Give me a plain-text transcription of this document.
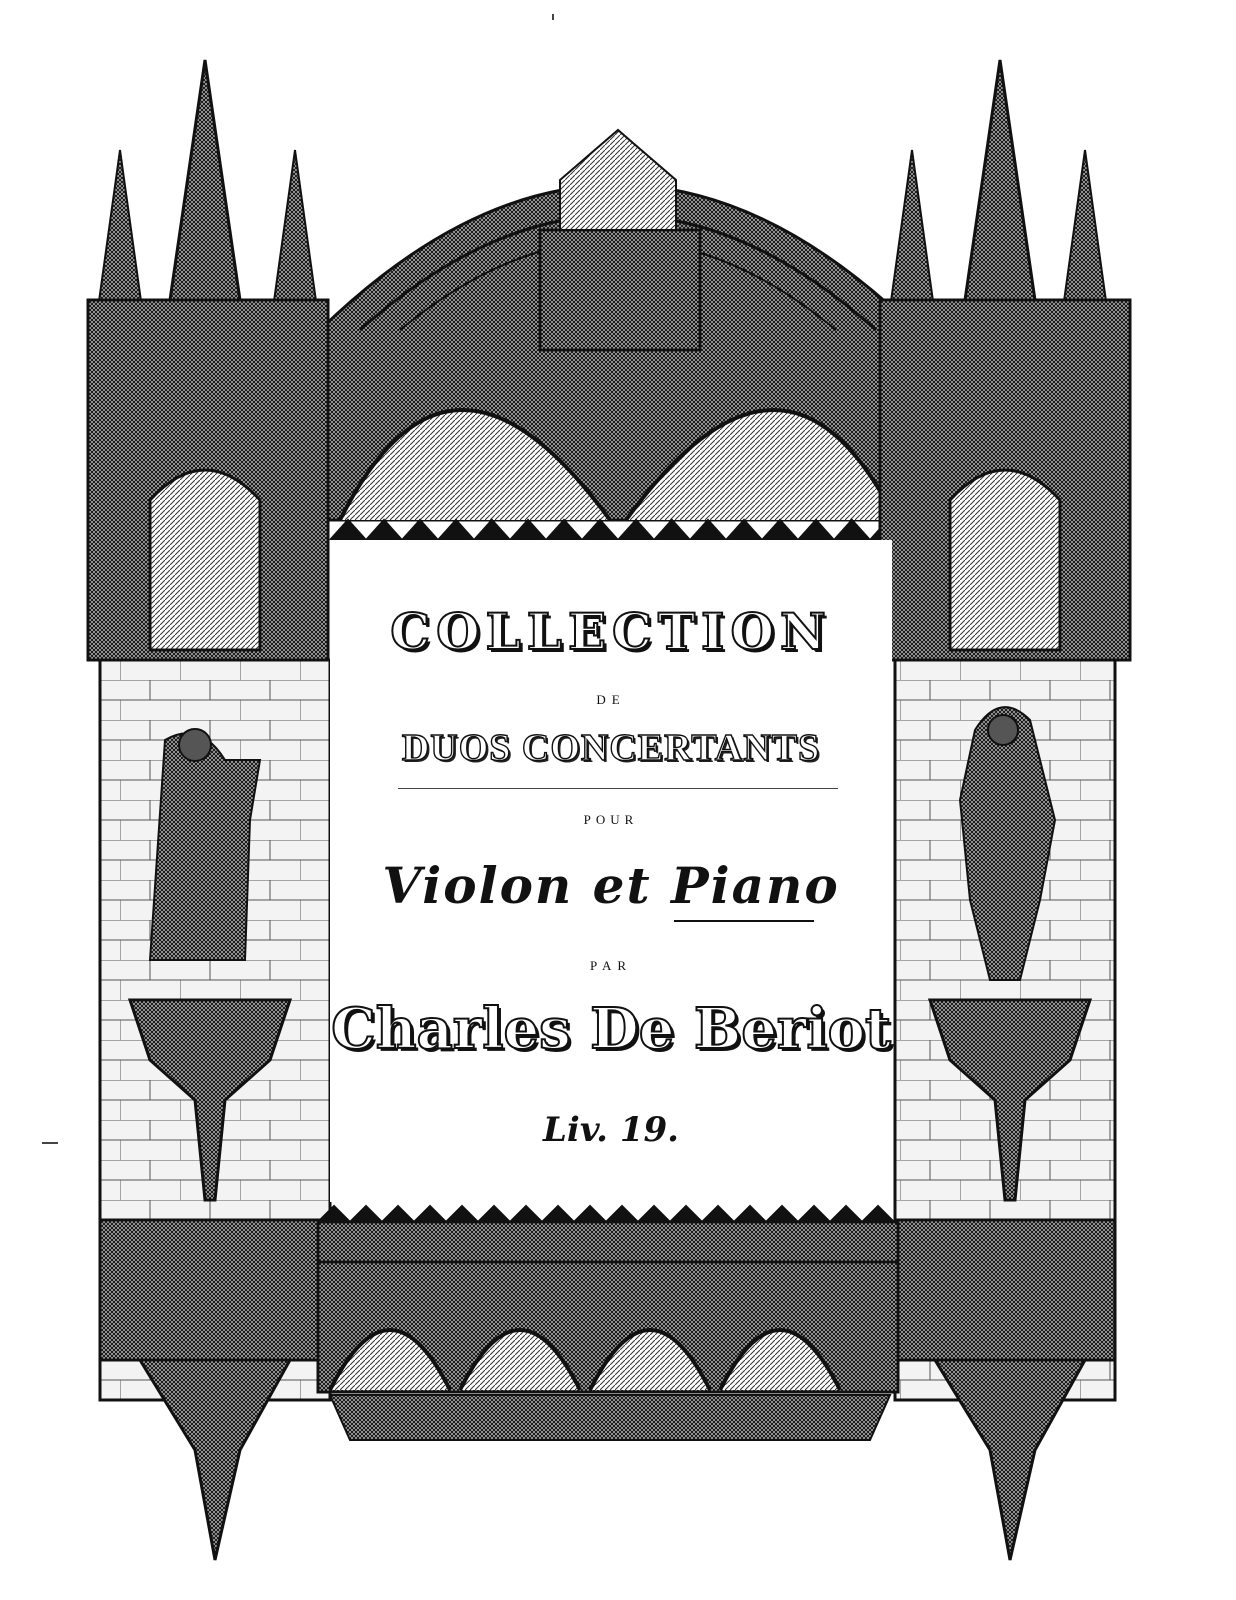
COLLECTION
DE
DUOS CONCERTANTS
POUR
Violon et Piano
PAR
Charles De Beriot
Liv. 19.
